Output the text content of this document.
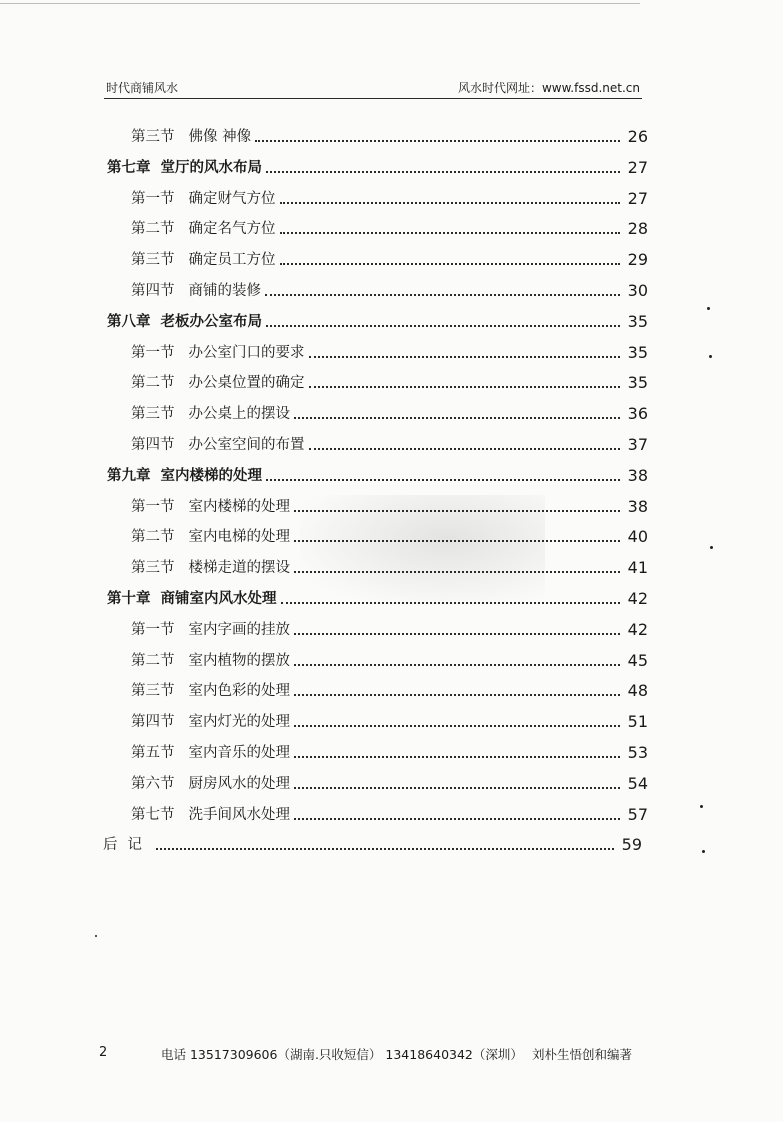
时代商铺风水	风水时代网址：www.fssd.net.cn
第三节 佛像 神像	26
第七章 堂厅的风水布局	27
第一节 确定财气方位	27
第二节 确定名气方位	28
第三节 确定员工方位	29
第四节 商铺的装修	30
第八章 老板办公室布局	35
第一节 办公室门口的要求	35
第二节 办公桌位置的确定	35
第三节 办公桌上的摆设	36
第四节 办公室空间的布置	37
第九章 室内楼梯的处理	38
第一节 室内楼梯的处理	38
第二节 室内电梯的处理	40
第三节 楼梯走道的摆设	41
第十章 商铺室内风水处理	42
第一节 室内字画的挂放	42
第二节 室内植物的摆放	45
第三节 室内色彩的处理	48
第四节 室内灯光的处理	51
第五节 室内音乐的处理	53
第六节 厨房风水的处理	54
第七节 洗手间风水处理	57
后记	59
2	电话 13517309606（湖南.只收短信） 13418640342（深圳） 刘朴生悟创和编著
